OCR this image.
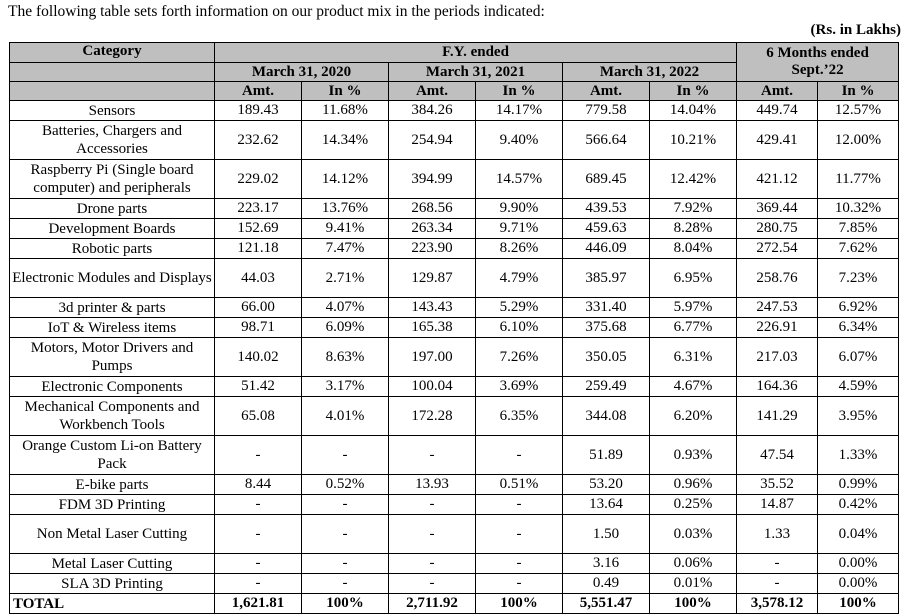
The following table sets forth information on our product mix in the periods indicated:
(Rs. in Lakhs)
Category	F.Y. ended						6 Months ended Sept.’22	
	March 31, 2020		March 31, 2021		March 31, 2022			
	Amt.	In %	Amt.	In %	Amt.	In %	Amt.	In %
Sensors	189.43	11.68%	384.26	14.17%	779.58	14.04%	449.74	12.57%
Batteries, Chargers and Accessories	232.62	14.34%	254.94	9.40%	566.64	10.21%	429.41	12.00%
Raspberry Pi (Single board computer) and peripherals	229.02	14.12%	394.99	14.57%	689.45	12.42%	421.12	11.77%
Drone parts	223.17	13.76%	268.56	9.90%	439.53	7.92%	369.44	10.32%
Development Boards	152.69	9.41%	263.34	9.71%	459.63	8.28%	280.75	7.85%
Robotic parts	121.18	7.47%	223.90	8.26%	446.09	8.04%	272.54	7.62%
Electronic Modules and Displays	44.03	2.71%	129.87	4.79%	385.97	6.95%	258.76	7.23%
3d printer & parts	66.00	4.07%	143.43	5.29%	331.40	5.97%	247.53	6.92%
IoT & Wireless items	98.71	6.09%	165.38	6.10%	375.68	6.77%	226.91	6.34%
Motors, Motor Drivers and Pumps	140.02	8.63%	197.00	7.26%	350.05	6.31%	217.03	6.07%
Electronic Components	51.42	3.17%	100.04	3.69%	259.49	4.67%	164.36	4.59%
Mechanical Components and Workbench Tools	65.08	4.01%	172.28	6.35%	344.08	6.20%	141.29	3.95%
Orange Custom Li-on Battery Pack	-	-	-	-	51.89	0.93%	47.54	1.33%
E-bike parts	8.44	0.52%	13.93	0.51%	53.20	0.96%	35.52	0.99%
FDM 3D Printing	-	-	-	-	13.64	0.25%	14.87	0.42%
Non Metal Laser Cutting	-	-	-	-	1.50	0.03%	1.33	0.04%
Metal Laser Cutting	-	-	-	-	3.16	0.06%	-	0.00%
SLA 3D Printing	-	-	-	-	0.49	0.01%	-	0.00%
TOTAL	1,621.81	100%	2,711.92	100%	5,551.47	100%	3,578.12	100%
